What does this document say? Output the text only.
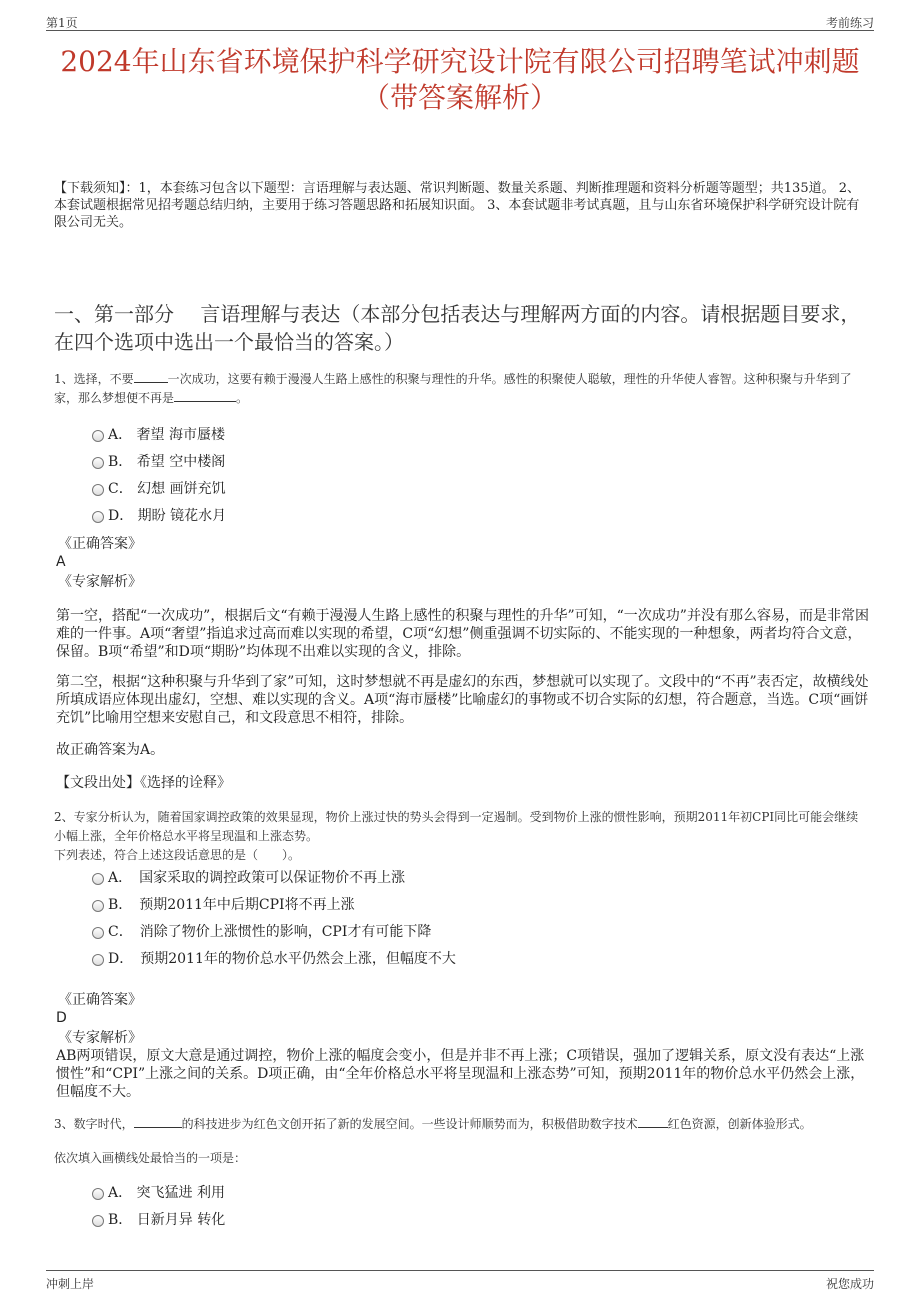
第1页	考前练习
2024年山东省环境保护科学研究设计院有限公司招聘笔试冲刺题（带答案解析）
【下载须知】：1，本套练习包含以下题型：言语理解与表达题、常识判断题、数量关系题、判断推理题和资料分析题等题型；共135道。 2、本套试题根据常见招考题总结归纳，主要用于练习答题思路和拓展知识面。 3、本套试题非考试真题，且与山东省环境保护科学研究设计院有限公司无关。
一、第一部分　 言语理解与表达（本部分包括表达与理解两方面的内容。请根据题目要求，在四个选项中选出一个最恰当的答案。）
1、选择，不要	一次成功，这要有赖于漫漫人生路上感性的积聚与理性的升华。感性的积聚使人聪敏，理性的升华使人睿智。这种积聚与升华到了家，那么梦想便不再是	。
A． 奢望 海市蜃楼
B． 希望 空中楼阁
C． 幻想 画饼充饥
D． 期盼 镜花水月
《正确答案》
A
《专家解析》
第一空，搭配“一次成功”，根据后文“有赖于漫漫人生路上感性的积聚与理性的升华”可知，“一次成功”并没有那么容易，而是非常困难的一件事。A项“奢望”指追求过高而难以实现的希望，C项“幻想”侧重强调不切实际的、不能实现的一种想象，两者均符合文意，保留。B项“希望”和D项“期盼”均体现不出难以实现的含义，排除。
第二空，根据“这种积聚与升华到了家”可知，这时梦想就不再是虚幻的东西，梦想就可以实现了。文段中的“不再”表否定，故横线处所填成语应体现出虚幻，空想、难以实现的含义。A项“海市蜃楼”比喻虚幻的事物或不切合实际的幻想，符合题意，当选。C项“画饼充饥”比喻用空想来安慰自己，和文段意思不相符，排除。
故正确答案为A。
【文段出处】《选择的诠释》
2、专家分析认为，随着国家调控政策的效果显现，物价上涨过快的势头会得到一定遏制。受到物价上涨的惯性影响，预期2011年初CPI同比可能会继续小幅上涨，全年价格总水平将呈现温和上涨态势。
下列表述，符合上述这段话意思的是（　　）。
A．　国家采取的调控政策可以保证物价不再上涨
B．　预期2011年中后期CPI将不再上涨
C．　消除了物价上涨惯性的影响，CPI才有可能下降
D．　预期2011年的物价总水平仍然会上涨，但幅度不大
《正确答案》
D
《专家解析》
AB两项错误，原文大意是通过调控，物价上涨的幅度会变小，但是并非不再上涨；C项错误，强加了逻辑关系，原文没有表达“上涨惯性”和“CPI”上涨之间的关系。D项正确，由“全年价格总水平将呈现温和上涨态势”可知，预期2011年的物价总水平仍然会上涨，但幅度不大。
3、数字时代，	的科技进步为红色文创开拓了新的发展空间。一些设计师顺势而为，积极借助数字技术	红色资源，创新体验形式。
依次填入画横线处最恰当的一项是：
A． 突飞猛进 利用
B． 日新月异 转化
冲刺上岸	祝您成功
